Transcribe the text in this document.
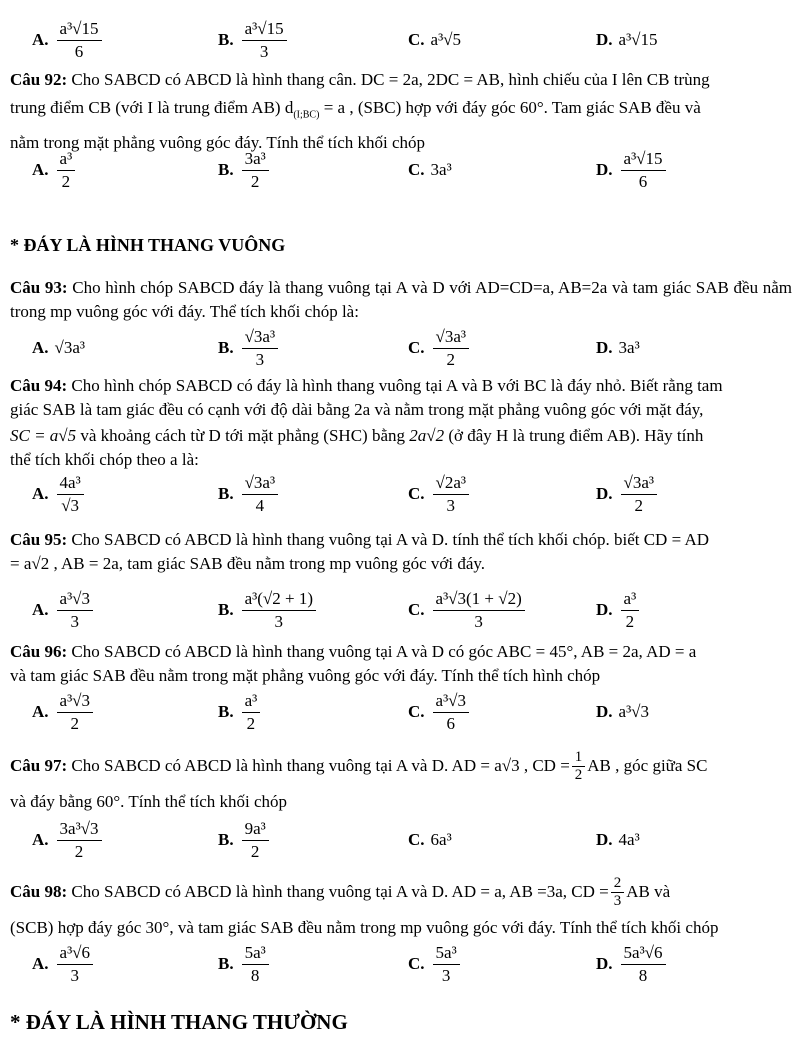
A. $\frac{\text{a³√15}}{6}$	B. $\frac{\text{a³√15}}{3}$	C. a³√5	D. a³√15
Câu 92: Cho SABCD có ABCD là hình thang cân. DC = 2a, 2DC = AB, hình chiếu của I lên CB trùng
trung điểm CB (với I là trung điểm AB) $d_{(I;BC)} = a$ , (SBC) hợp với đáy góc 60°. Tam giác SAB đều và
nằm trong mặt phẳng vuông góc đáy. Tính thể tích khối chóp
A. $\frac{\text{a³}}{2}$	B. $\frac{\text{3a³}}{2}$	C. 3a³	D. $\frac{\text{a³√15}}{6}$
* ĐÁY LÀ HÌNH THANG VUÔNG
Câu 93: Cho hình chóp SABCD đáy là thang vuông tại A và D với AD=CD=a, AB=2a và tam giác SAB đều nằm trong mp vuông góc với đáy. Thể tích khối chóp là:
A. √3a³	B. $\frac{\text{√3a³}}{3}$	C. $\frac{\text{√3a³}}{2}$	D. 3a³
Câu 94: Cho hình chóp SABCD có đáy là hình thang vuông tại A và B với BC là đáy nhỏ. Biết rằng tam
giác SAB là tam giác đều có cạnh với độ dài bằng 2a và nằm trong mặt phẳng vuông góc với mặt đáy,
SC = a√5 và khoảng cách từ D tới mặt phẳng (SHC) bằng 2a√2 (ở đây H là trung điểm AB). Hãy tính
thể tích khối chóp theo a là:
A. $\frac{\text{4a³}}{√3}$	B. $\frac{\text{√3a³}}{4}$	C. $\frac{\text{√2a³}}{3}$	D. $\frac{\text{√3a³}}{2}$
Câu 95: Cho SABCD có ABCD là hình thang vuông tại A và D. tính thể tích khối chóp. biết CD = AD
= a√2 , AB = 2a, tam giác SAB đều nằm trong mp vuông góc với đáy.
A. $\frac{\text{a³√3}}{3}$	B. $\frac{\text{a³(√2 + 1)}}{3}$	C. $\frac{\text{a³√3(1 + √2)}}{3}$	D. $\frac{\text{a³}}{2}$
Câu 96: Cho SABCD có ABCD là hình thang vuông tại A và D có góc ABC = 45°, AB = 2a, AD = a
và tam giác SAB đều nằm trong mặt phẳng vuông góc với đáy. Tính thể tích hình chóp
A. $\frac{\text{a³√3}}{2}$	B. $\frac{\text{a³}}{2}$	C. $\frac{\text{a³√3}}{6}$	D. a³√3
Câu 97:
Cho SABCD có ABCD là hình thang vuông tại A và D. AD = a√3 , CD = $\frac{1}{2}$ AB , góc giữa SC
và đáy bằng 60°. Tính thể tích khối chóp
A. $\frac{\text{3a³√3}}{2}$	B. $\frac{\text{9a³}}{2}$	C. 6a³	D. 4a³
Câu 98:
Cho SABCD có ABCD là hình thang vuông tại A và D. AD = a, AB =3a, CD = $\frac{2}{3}$ AB và
(SCB) hợp đáy góc 30°, và tam giác SAB đều nằm trong mp vuông góc với đáy. Tính thể tích khối chóp
A. $\frac{\text{a³√6}}{3}$	B. $\frac{\text{5a³}}{8}$	C. $\frac{\text{5a³}}{3}$	D. $\frac{\text{5a³√6}}{8}$
* ĐÁY LÀ HÌNH THANG THƯỜNG
